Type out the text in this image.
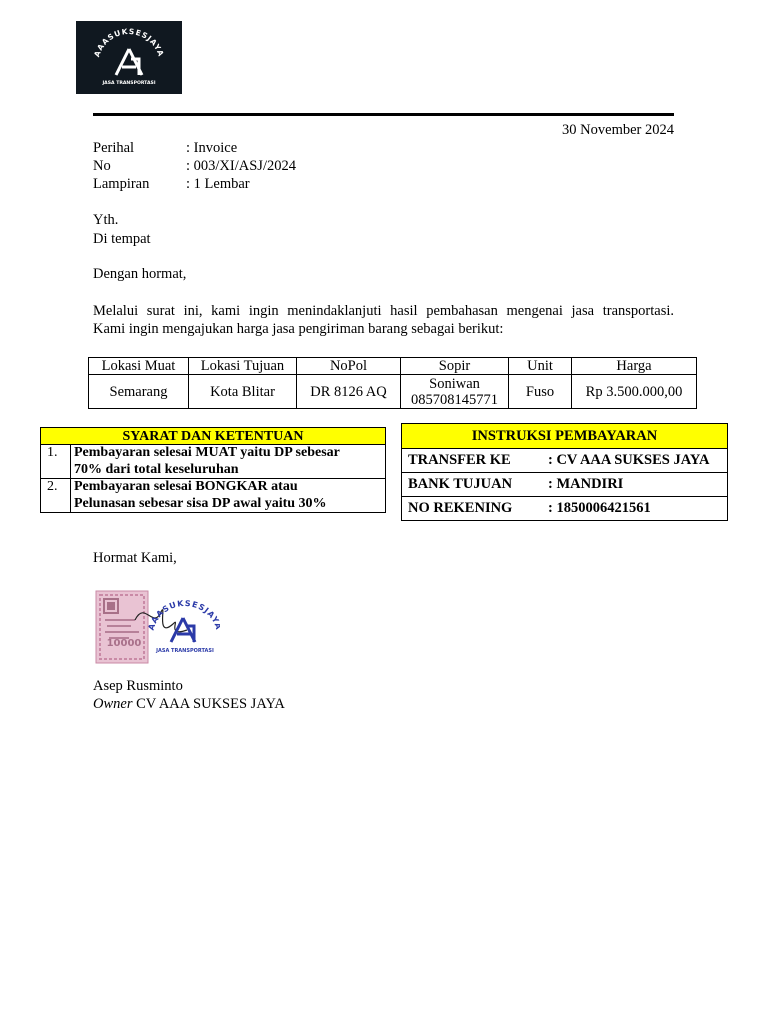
AAASUKSESJAYA
JASA TRANSPORTASI
30 November 2024
Perihal	: Invoice
No	: 003/XI/ASJ/2024
Lampiran	: 1 Lembar
Yth.
Di tempat
Dengan hormat,
Melalui surat ini, kami ingin menindaklanjuti hasil pembahasan mengenai jasa transportasi.
Kami ingin mengajukan harga jasa pengiriman barang sebagai berikut:
Lokasi Muat	Lokasi Tujuan	NoPol	Sopir	Unit	Harga
Semarang	Kota Blitar	DR 8126 AQ	Soniwan
085708145771	Fuso	Rp 3.500.000,00
SYARAT DAN KETENTUAN	
1.	Pembayaran selesai MUAT yaitu DP sebesar
70% dari total keseluruhan

2.	Pembayaran selesai BONGKAR atau
Pelunasan sebesar sisa DP awal yaitu 30%
INSTRUKSI PEMBAYARAN
TRANSFER KE	: CV AAA SUKSES JAYA
BANK TUJUAN : MANDIRI
NO REKENING : 1850006421561
Hormat Kami,
10000
AAASUKSESJAY
JASA TRANSPORTASI
Asep Rusminto
Owner CV AAA SUKSES JAYA
